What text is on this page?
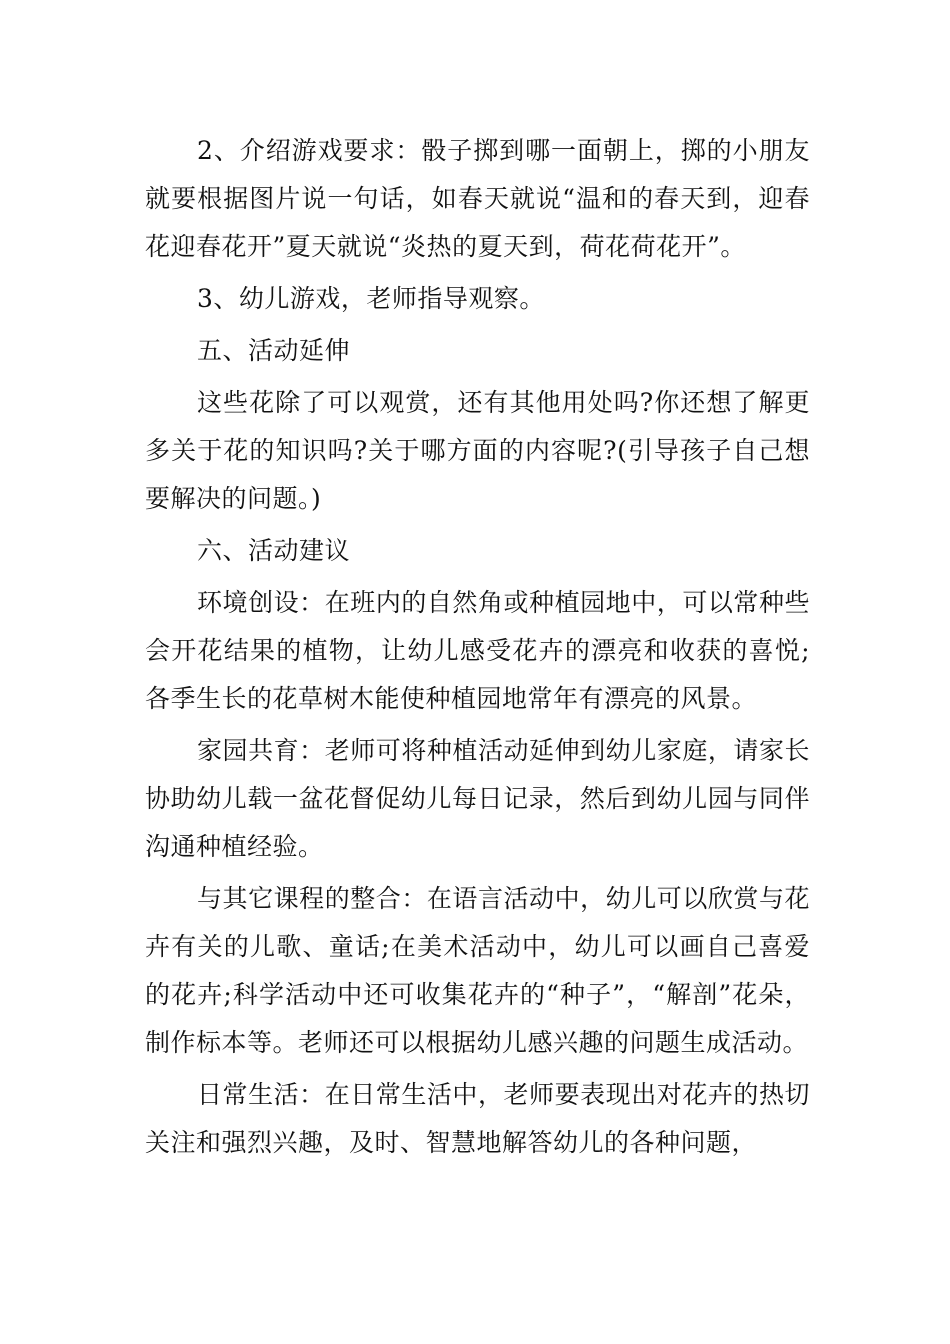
2、介绍游戏要求：骰子掷到哪一面朝上，掷的小朋友就要根据图片说一句话，如春天就说“温和的春天到，迎春花迎春花开”夏天就说“炎热的夏天到，荷花荷花开”。

3、幼儿游戏，老师指导观察。

五、活动延伸

这些花除了可以观赏，还有其他用处吗?你还想了解更多关于花的知识吗?关于哪方面的内容呢?(引导孩子自己想要解决的问题。)

六、活动建议

环境创设：在班内的自然角或种植园地中，可以常种些会开花结果的植物，让幼儿感受花卉的漂亮和收获的喜悦;各季生长的花草树木能使种植园地常年有漂亮的风景。

家园共育：老师可将种植活动延伸到幼儿家庭，请家长协助幼儿载一盆花督促幼儿每日记录，然后到幼儿园与同伴沟通种植经验。

与其它课程的整合：在语言活动中，幼儿可以欣赏与花卉有关的儿歌、童话;在美术活动中，幼儿可以画自己喜爱的花卉;科学活动中还可收集花卉的“种子”，“解剖”花朵，制作标本等。老师还可以根据幼儿感兴趣的问题生成活动。

日常生活：在日常生活中，老师要表现出对花卉的热切关注和强烈兴趣，及时、智慧地解答幼儿的各种问题，
